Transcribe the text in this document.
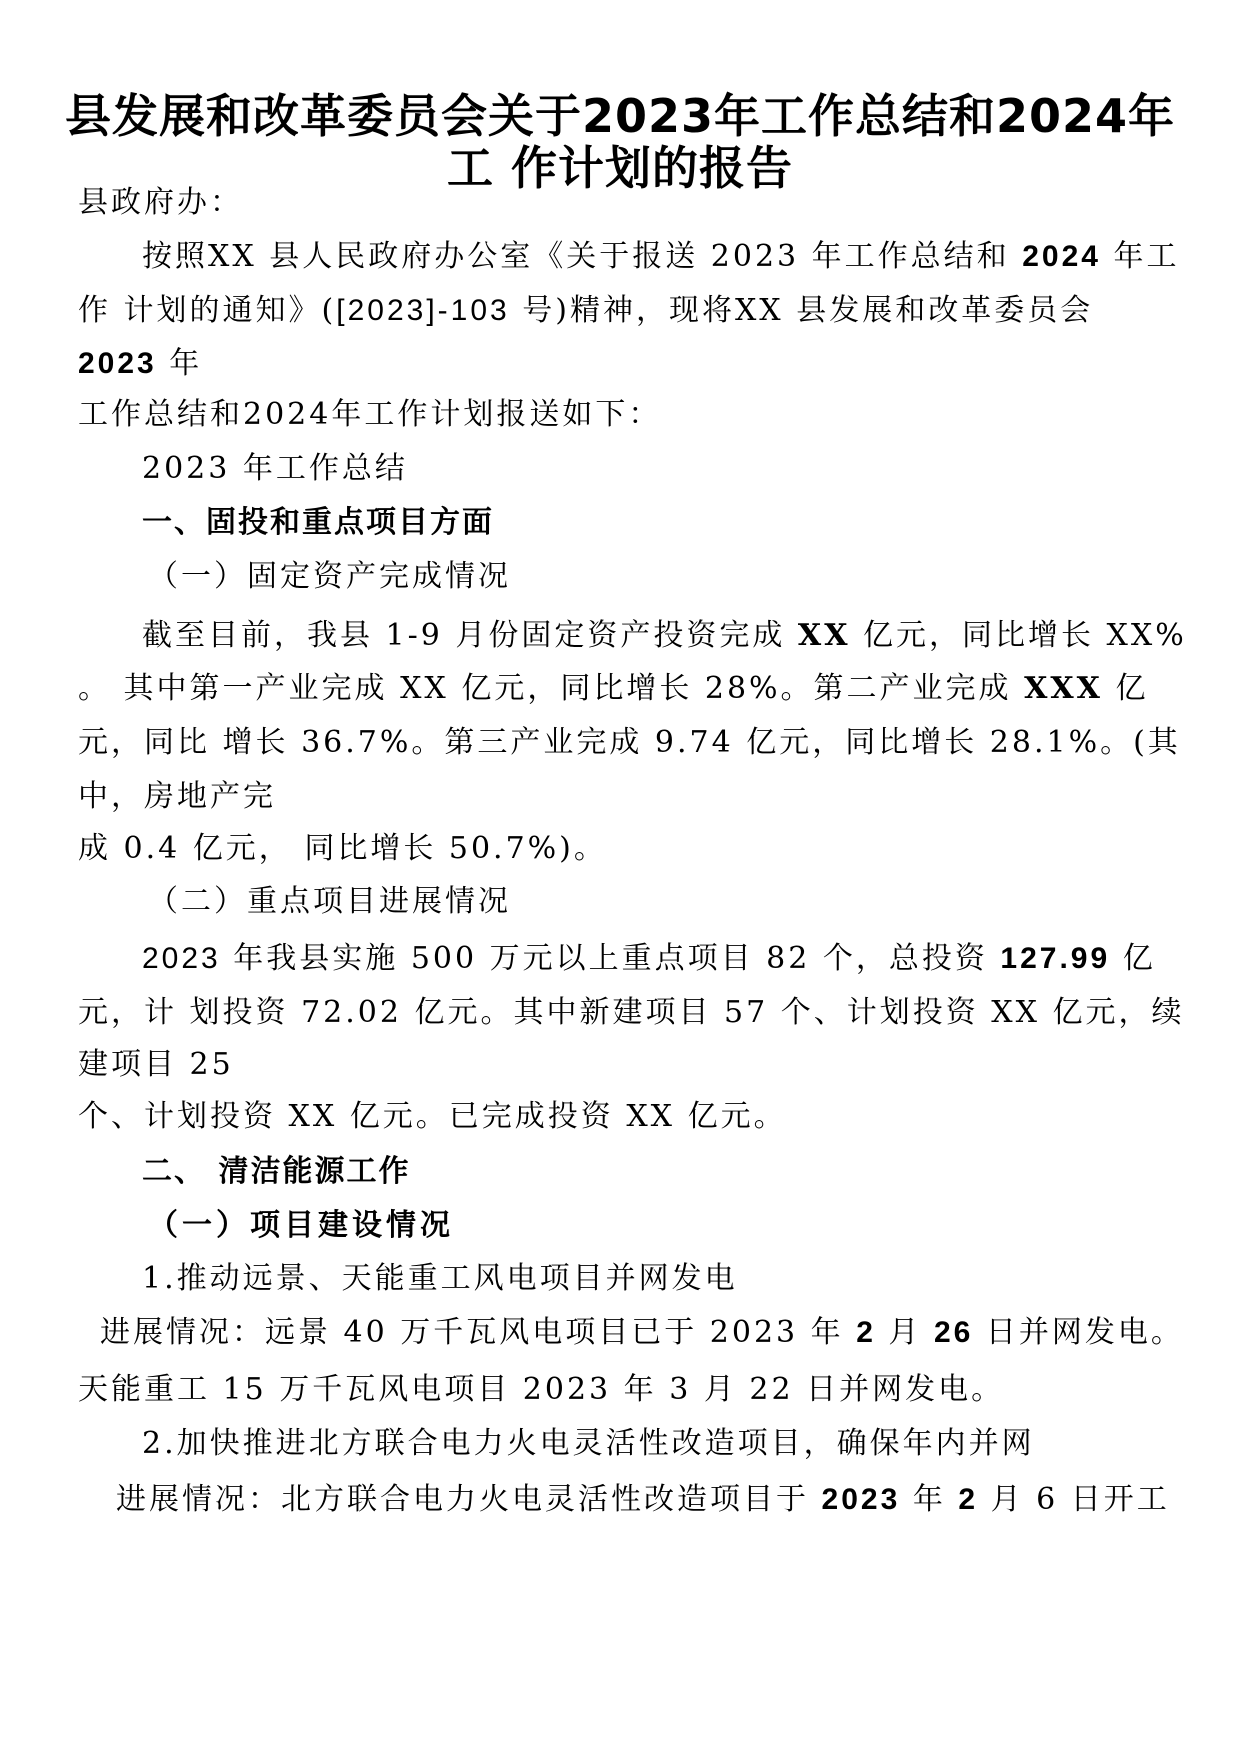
县发展和改革委员会关于2023年工作总结和2024年
工 作计划的报告
县政府办：
按照XX 县人民政府办公室《关于报送 2023 年工作总结和 2024 年工
作 计划的通知》([2023]-103 号)精神，现将XX 县发展和改革委员会
2023 年
工作总结和2024年工作计划报送如下：
2023 年工作总结
一、固投和重点项目方面
（一）固定资产完成情况
截至目前，我县 1-9 月份固定资产投资完成 XX 亿元，同比增长 XX%
。 其中第一产业完成 XX 亿元，同比增长 28%。第二产业完成 XXX 亿
元，同比 增长 36.7%。第三产业完成 9.74 亿元，同比增长 28.1%。(其
中，房地产完
成 0.4 亿元， 同比增长 50.7%)。
（二）重点项目进展情况
2023 年我县实施 500 万元以上重点项目 82 个，总投资 127.99 亿
元，计 划投资 72.02 亿元。其中新建项目 57 个、计划投资 XX 亿元，续
建项目 25
个、计划投资 XX 亿元。已完成投资 XX 亿元。
二、 清洁能源工作
（一）项目建设情况
1.推动远景、天能重工风电项目并网发电
进展情况：远景 40 万千瓦风电项目已于 2023 年 2 月 26 日并网发电。
天能重工 15 万千瓦风电项目 2023 年 3 月 22 日并网发电。
2.加快推进北方联合电力火电灵活性改造项目，确保年内并网
进展情况：北方联合电力火电灵活性改造项目于 2023 年 2 月 6 日开工
